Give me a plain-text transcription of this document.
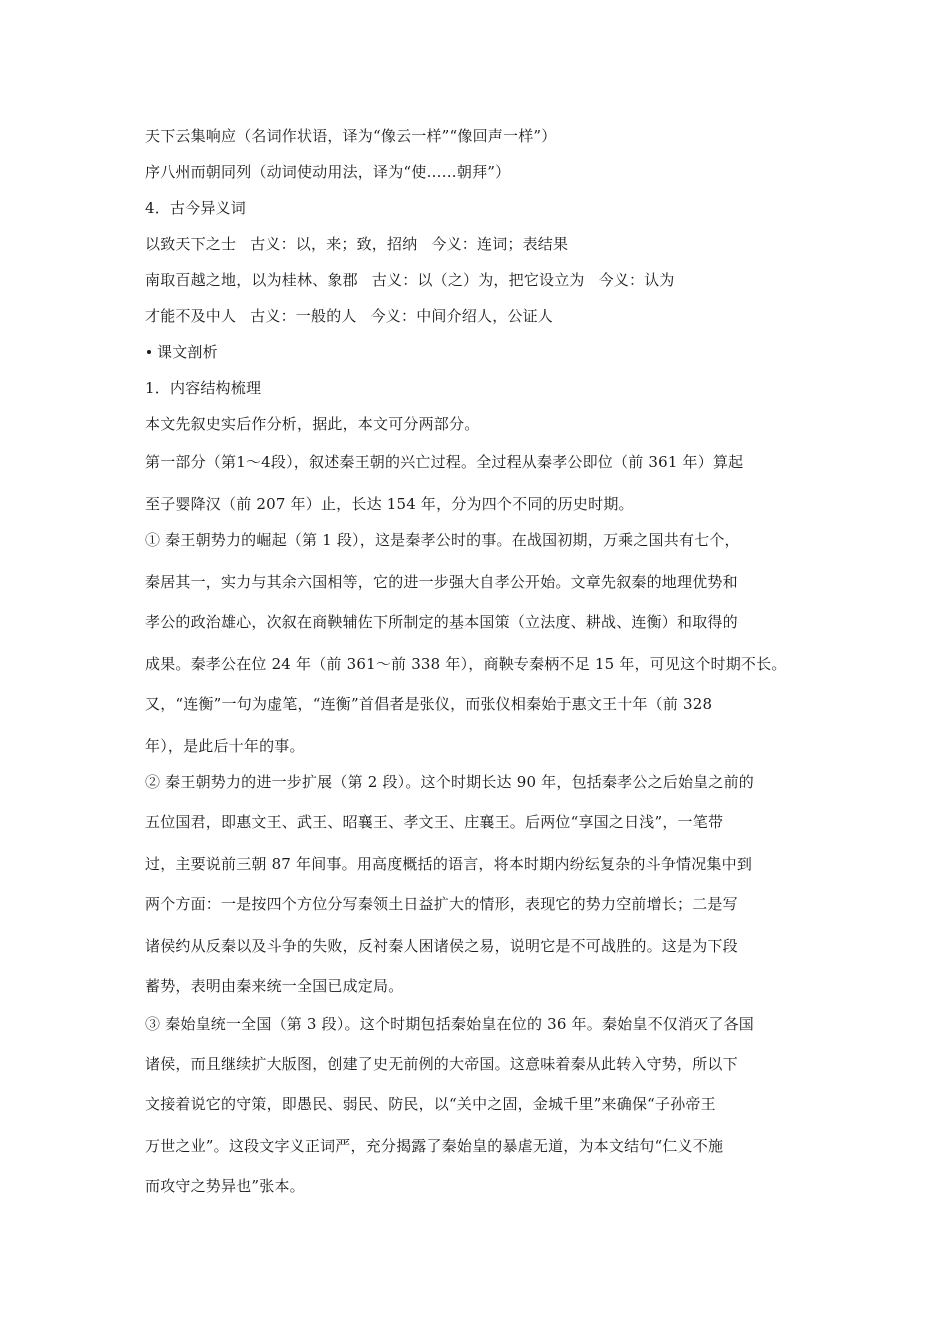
天下云集响应（名词作状语，译为“像云一样”“像回声一样”）
序八州而朝同列（动词使动用法，译为“使……朝拜”）
4．古今异义词
以致天下之士 古义：以，来；致，招纳 今义：连词；表结果
南取百越之地，以为桂林、象郡 古义：以（之）为，把它设立为 今义：认为
才能不及中人 古义：一般的人 今义：中间介绍人，公证人
课文剖析
1．内容结构梳理
本文先叙史实后作分析，据此，本文可分两部分。
第一部分（第1～4段），叙述秦王朝的兴亡过程。全过程从秦孝公即位（前 361 年）算起
至子婴降汉（前 207 年）止，长达 154 年，分为四个不同的历史时期。
① 秦王朝势力的崛起（第 1 段），这是秦孝公时的事。在战国初期，万乘之国共有七个，
秦居其一，实力与其余六国相等，它的进一步强大自孝公开始。文章先叙秦的地理优势和
孝公的政治雄心，次叙在商鞅辅佐下所制定的基本国策（立法度、耕战、连衡）和取得的
成果。秦孝公在位 24 年（前 361～前 338 年），商鞅专秦柄不足 15 年，可见这个时期不长。
又，“连衡”一句为虚笔，“连衡”首倡者是张仪，而张仪相秦始于惠文王十年（前 328
年），是此后十年的事。
② 秦王朝势力的进一步扩展（第 2 段）。这个时期长达 90 年，包括秦孝公之后始皇之前的
五位国君，即惠文王、武王、昭襄王、孝文王、庄襄王。后两位“享国之日浅”，一笔带
过，主要说前三朝 87 年间事。用高度概括的语言，将本时期内纷纭复杂的斗争情况集中到
两个方面：一是按四个方位分写秦领土日益扩大的情形，表现它的势力空前增长；二是写
诸侯约从反秦以及斗争的失败，反衬秦人困诸侯之易，说明它是不可战胜的。这是为下段
蓄势，表明由秦来统一全国已成定局。
③ 秦始皇统一全国（第 3 段）。这个时期包括秦始皇在位的 36 年。秦始皇不仅消灭了各国
诸侯，而且继续扩大版图，创建了史无前例的大帝国。这意味着秦从此转入守势，所以下
文接着说它的守策，即愚民、弱民、防民，以“关中之固，金城千里”来确保“子孙帝王
万世之业”。这段文字义正词严，充分揭露了秦始皇的暴虐无道，为本文结句“仁义不施
而攻守之势异也”张本。
